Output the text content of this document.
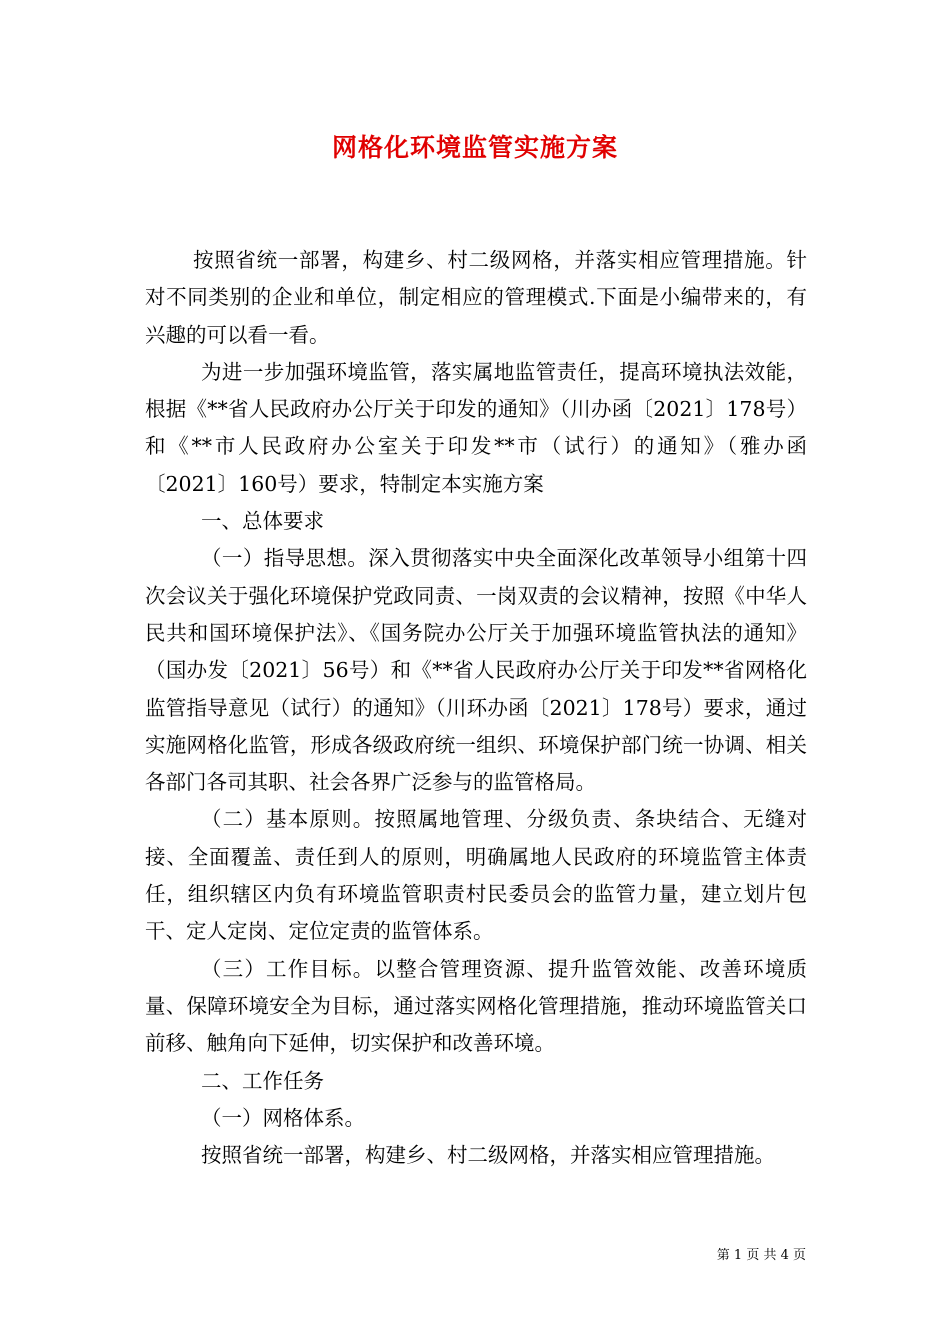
网格化环境监管实施方案

按照省统一部署，构建乡、村二级网格，并落实相应管理措施。针对不同类别的企业和单位，制定相应的管理模式.下面是小编带来的，有兴趣的可以看一看。

为进一步加强环境监管，落实属地监管责任，提高环境执法效能，根据《**省人民政府办公厅关于印发的通知》（川办函〔2021〕178号）和《**市人民政府办公室关于印发**市（试行）的通知》（雅办函〔2021〕160号）要求，特制定本实施方案

一、总体要求

（一）指导思想。深入贯彻落实中央全面深化改革领导小组第十四次会议关于强化环境保护党政同责、一岗双责的会议精神，按照《中华人民共和国环境保护法》、《国务院办公厅关于加强环境监管执法的通知》（国办发〔2021〕56号）和《**省人民政府办公厅关于印发**省网格化监管指导意见（试行）的通知》（川环办函〔2021〕178号）要求，通过实施网格化监管，形成各级政府统一组织、环境保护部门统一协调、相关各部门各司其职、社会各界广泛参与的监管格局。

（二）基本原则。按照属地管理、分级负责、条块结合、无缝对接、全面覆盖、责任到人的原则，明确属地人民政府的环境监管主体责任，组织辖区内负有环境监管职责村民委员会的监管力量，建立划片包干、定人定岗、定位定责的监管体系。

（三）工作目标。以整合管理资源、提升监管效能、改善环境质量、保障环境安全为目标，通过落实网格化管理措施，推动环境监管关口前移、触角向下延伸，切实保护和改善环境。

二、工作任务

（一）网格体系。

按照省统一部署，构建乡、村二级网格，并落实相应管理措施。

第 1 页 共 4 页
